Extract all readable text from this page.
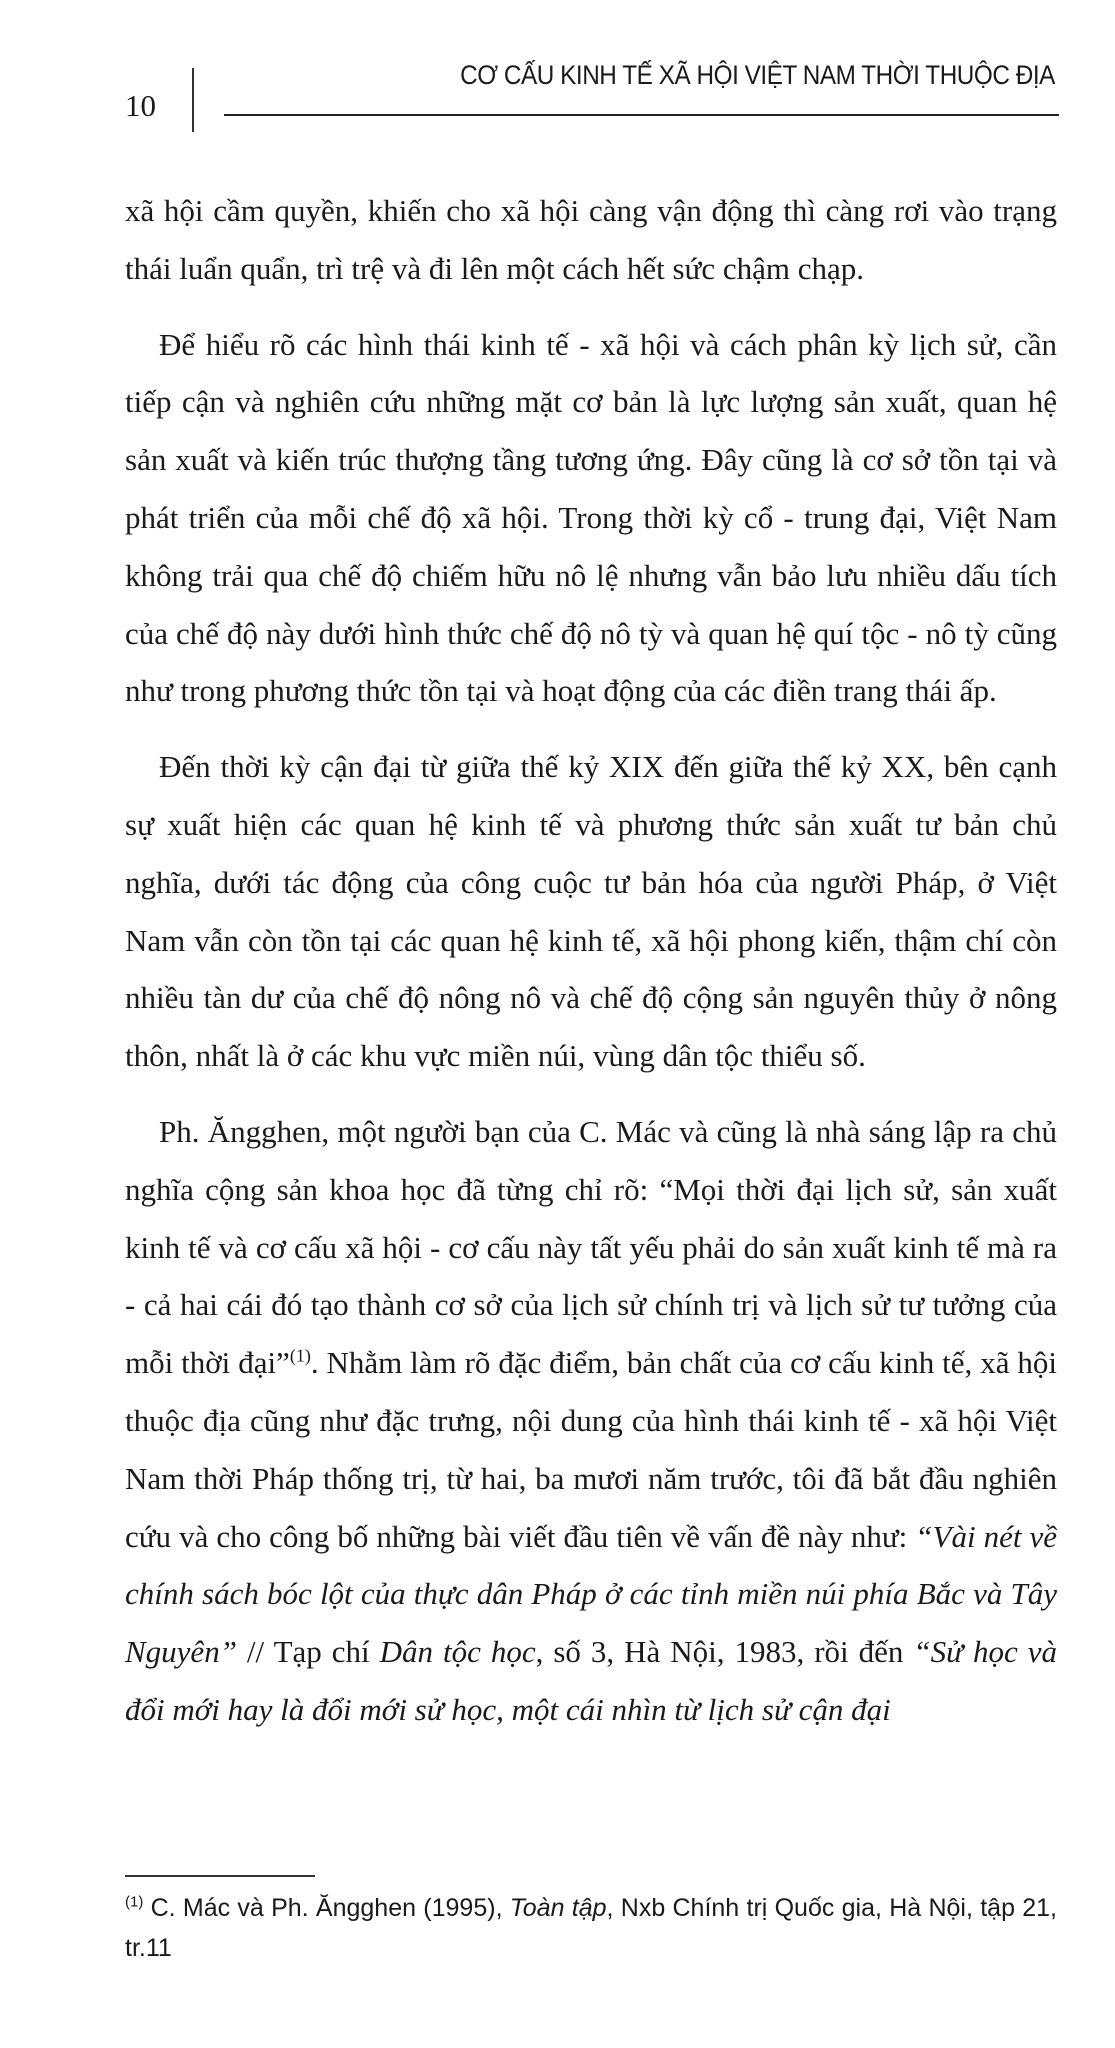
10
CƠ CẤU KINH TẾ XÃ HỘI VIỆT NAM THỜI THUỘC ĐỊA

xã hội cầm quyền, khiến cho xã hội càng vận động thì càng rơi vào trạng thái luẩn quẩn, trì trệ và đi lên một cách hết sức chậm chạp.

Để hiểu rõ các hình thái kinh tế - xã hội và cách phân kỳ lịch sử, cần tiếp cận và nghiên cứu những mặt cơ bản là lực lượng sản xuất, quan hệ sản xuất và kiến trúc thượng tầng tương ứng. Đây cũng là cơ sở tồn tại và phát triển của mỗi chế độ xã hội. Trong thời kỳ cổ - trung đại, Việt Nam không trải qua chế độ chiếm hữu nô lệ nhưng vẫn bảo lưu nhiều dấu tích của chế độ này dưới hình thức chế độ nô tỳ và quan hệ quí tộc - nô tỳ cũng như trong phương thức tồn tại và hoạt động của các điền trang thái ấp.

Đến thời kỳ cận đại từ giữa thế kỷ XIX đến giữa thế kỷ XX, bên cạnh sự xuất hiện các quan hệ kinh tế và phương thức sản xuất tư bản chủ nghĩa, dưới tác động của công cuộc tư bản hóa của người Pháp, ở Việt Nam vẫn còn tồn tại các quan hệ kinh tế, xã hội phong kiến, thậm chí còn nhiều tàn dư của chế độ nông nô và chế độ cộng sản nguyên thủy ở nông thôn, nhất là ở các khu vực miền núi, vùng dân tộc thiểu số.

Ph. Ăngghen, một người bạn của C. Mác và cũng là nhà sáng lập ra chủ nghĩa cộng sản khoa học đã từng chỉ rõ: “Mọi thời đại lịch sử, sản xuất kinh tế và cơ cấu xã hội - cơ cấu này tất yếu phải do sản xuất kinh tế mà ra - cả hai cái đó tạo thành cơ sở của lịch sử chính trị và lịch sử tư tưởng của mỗi thời đại”$^{(1)}$. Nhằm làm rõ đặc điểm, bản chất của cơ cấu kinh tế, xã hội thuộc địa cũng như đặc trưng, nội dung của hình thái kinh tế - xã hội Việt Nam thời Pháp thống trị, từ hai, ba mươi năm trước, tôi đã bắt đầu nghiên cứu và cho công bố những bài viết đầu tiên về vấn đề này như: “Vài nét về chính sách bóc lột của thực dân Pháp ở các tỉnh miền núi phía Bắc và Tây Nguyên” // Tạp chí Dân tộc học, số 3, Hà Nội, 1983, rồi đến “Sử học và đổi mới hay là đổi mới sử học, một cái nhìn từ lịch sử cận đại

$^{(1)}$ C. Mác và Ph. Ăngghen (1995), Toàn tập, Nxb Chính trị Quốc gia, Hà Nội, tập 21, tr.11
